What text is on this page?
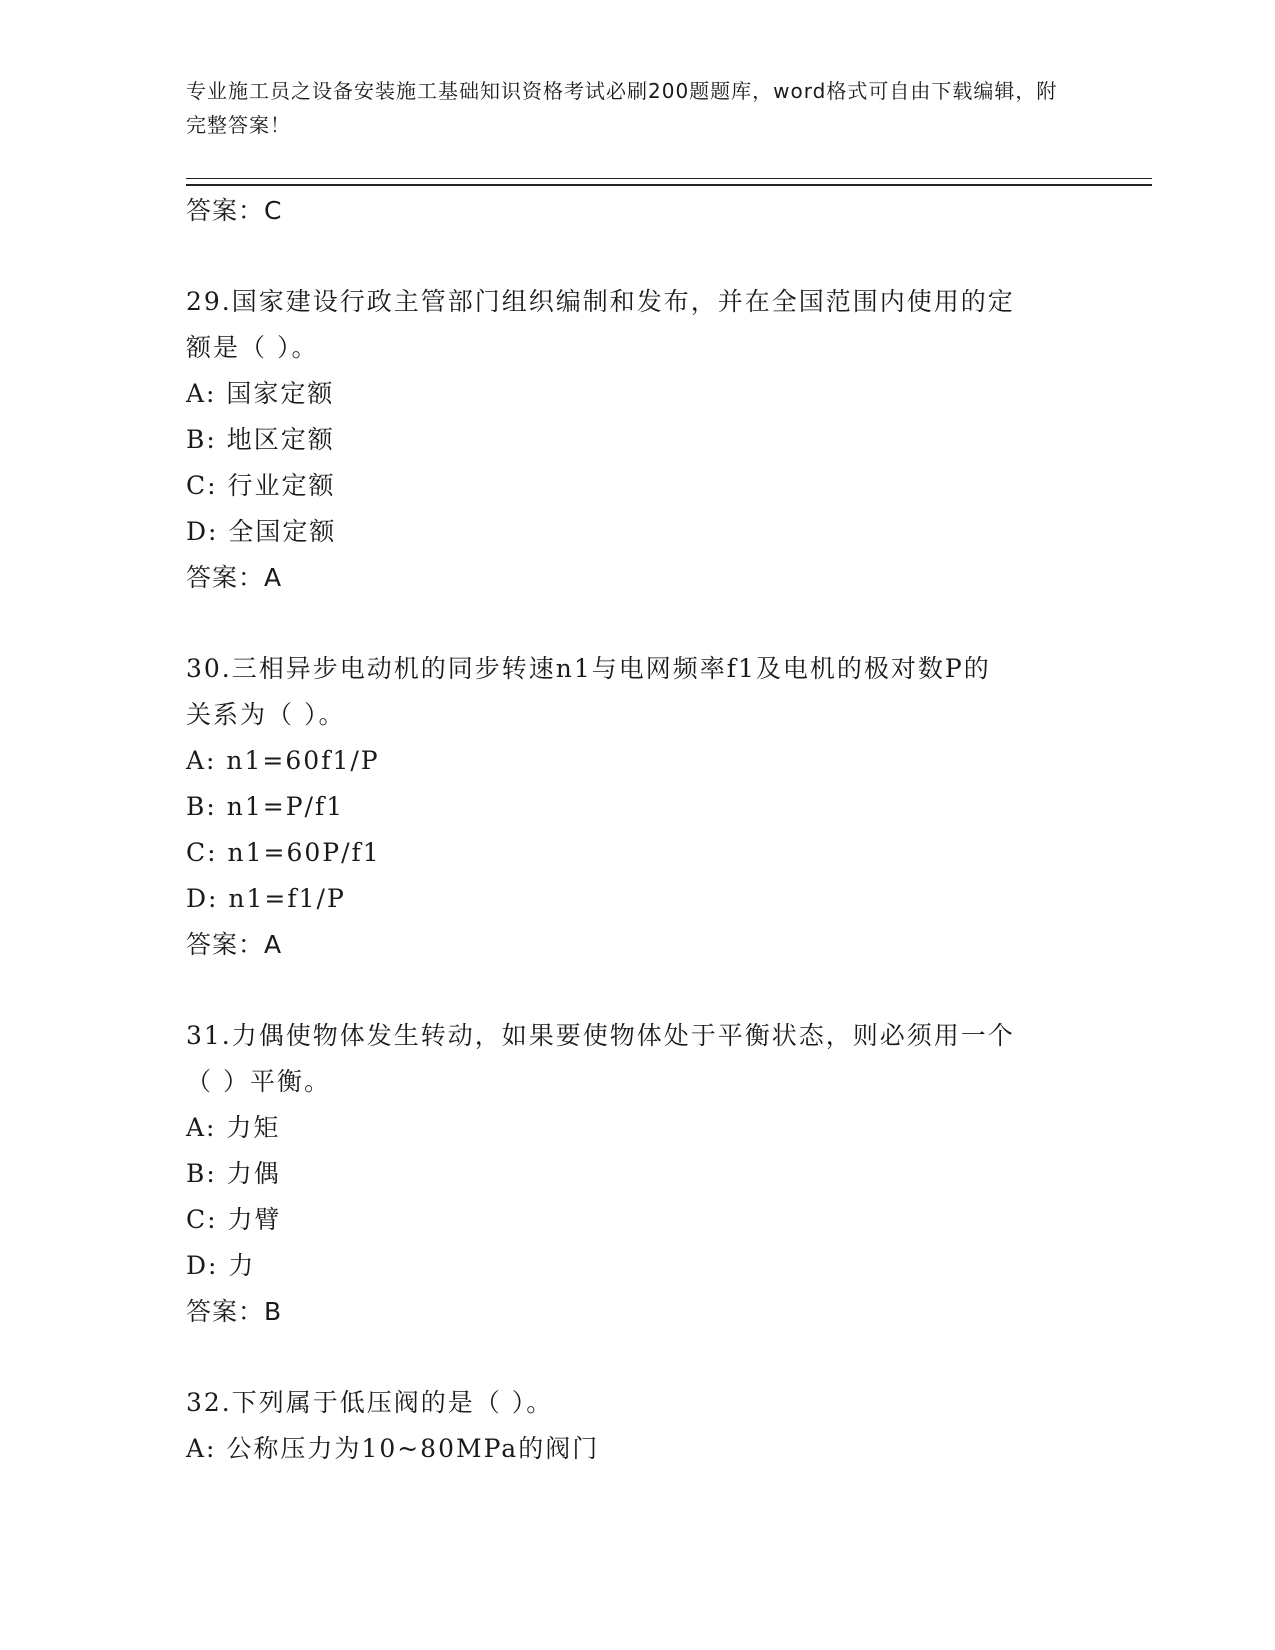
专业施工员之设备安装施工基础知识资格考试必刷200题题库，word格式可自由下载编辑，附完整答案！
答案：C
29.国家建设行政主管部门组织编制和发布，并在全国范围内使用的定
额是（ ）。
A: 国家定额
B: 地区定额
C: 行业定额
D: 全国定额
答案：A
30.三相异步电动机的同步转速n1与电网频率f1及电机的极对数P的
关系为（ ）。
A: n1=60f1/P
B: n1=P/f1
C: n1=60P/f1
D: n1=f1/P
答案：A
31.力偶使物体发生转动，如果要使物体处于平衡状态，则必须用一个
（ ）平衡。
A: 力矩
B: 力偶
C: 力臂
D: 力
答案：B
32.下列属于低压阀的是（ ）。
A: 公称压力为10~80MPa的阀门
